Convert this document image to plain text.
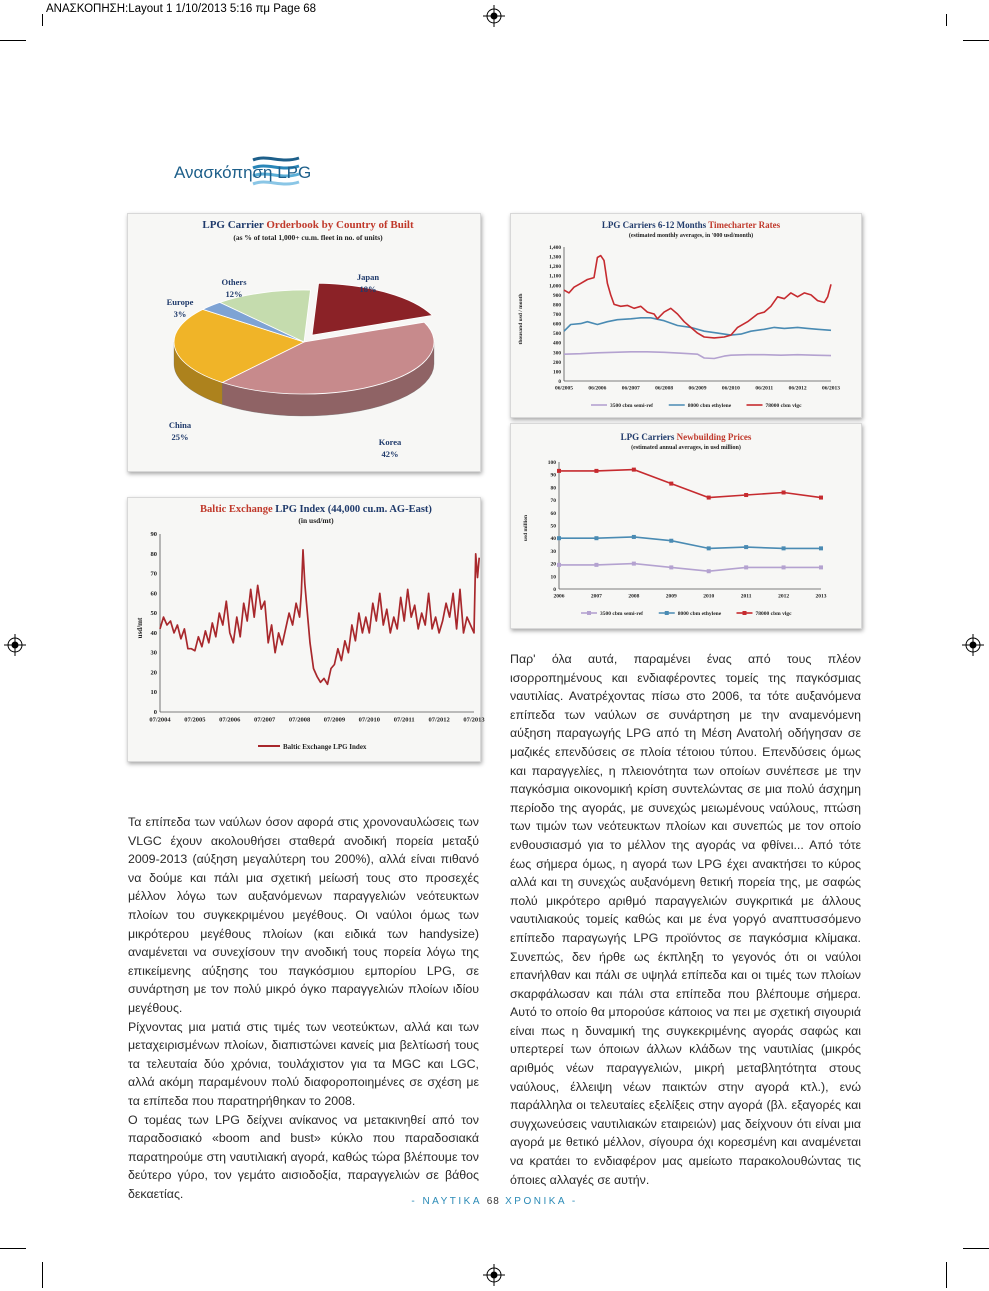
ΑΝΑΣΚΟΠΗΣΗ:Layout 1 1/10/2013 5:16 πμ Page 68
Ανασκόπηση LPG
LPG Carrier Orderbook by Country of Built
(as % of total 1,000+ cu.m. fleet in no. of units)
Japan
18%
Korea
42%
China
25%
Europe
3%
Others
12%
Baltic Exchange LPG Index (44,000 cu.m. AG-East)
(in usd/mt)
usd/mt
0
10
20
30
40
50
60
70
80
90
07/2004 07/2005 07/2006 07/2007 07/2008 07/2009 07/2010 07/2011 07/2012 07/2013
Baltic Exchange LPG Index
LPG Carriers 6-12 Months Timecharter Rates
(estimated monthly averages, in '000 usd/month)
thousand usd / month
0
100
200
300
400
500
600
700
800
900
1,000
1,100
1,200
1,300
1,400
06/2005	06/2006	06/2007	06/2008	06/2009	06/2010	06/2011	06/2012	06/2013
3500 cbm semi-ref	8000 cbm ethylene	78000 cbm vlgc
LPG Carriers Newbuilding Prices
(estimated annual averages, in usd million)
usd million
0
10
20
30
40
50
60
70
80
90
100
2006	2007	2008	2009	2010	2011	2012	2013
3500 cbm semi-ref	8000 cbm ethylene	78000 cbm vlgc

Τα επίπεδα των ναύλων όσον αφορά στις χρονοναυλώσεις των VLGC έχουν ακολουθήσει σταθερά ανοδική πορεία μεταξύ 2009-2013 (αύξηση μεγαλύτερη του 200%), αλλά είναι πιθανό να δούμε και πάλι μια σχετική μείωσή τους στο προσεχές μέλλον λόγω των αυξανόμενων παραγγελιών νεότευκτων πλοίων του συγκεκριμένου μεγέθους. Οι ναύλοι όμως των μικρότερου μεγέθους πλοίων (και ειδικά των handysize) αναμένεται να συνεχίσουν την ανοδική τους πορεία λόγω της επικείμενης αύξησης του παγκόσμιου εμπορίου LPG, σε συνάρτηση με τον πολύ μικρό όγκο παραγγελιών πλοίων ιδίου μεγέθους.

Ρίχνοντας μια ματιά στις τιμές των νεοτεύκτων, αλλά και των μεταχειρισμένων πλοίων, διαπιστώνει κανείς μια βελτίωσή τους τα τελευταία δύο χρόνια, τουλάχιστον για τα MGC και LGC, αλλά ακόμη παραμένουν πολύ διαφοροποιημένες σε σχέση με τα επίπεδα που παρατηρήθηκαν το 2008.

Ο τομέας των LPG δείχνει ανίκανος να μετακινηθεί από τον παραδοσιακό «boom and bust» κύκλο που παραδοσιακά παρατηρούμε στη ναυτιλιακή αγορά, καθώς τώρα βλέπουμε τον δεύτερο γύρο, τον γεμάτο αισιοδοξία, παραγγελιών σε βάθος δεκαετίας.

Παρ' όλα αυτά, παραμένει ένας από τους πλέον ισορροπημένους και ενδιαφέροντες τομείς της παγκόσμιας ναυτιλίας. Ανατρέχοντας πίσω στο 2006, τα τότε αυξανόμενα επίπεδα των ναύλων σε συνάρτηση με την αναμενόμενη αύξηση παραγωγής LPG από τη Μέση Ανατολή οδήγησαν σε μαζικές επενδύσεις σε πλοία τέτοιου τύπου. Επενδύσεις όμως και παραγγελίες, η πλειονότητα των οποίων συνέπεσε με την παγκόσμια οικονομική κρίση συντελώντας σε μια πολύ άσχημη περίοδο της αγοράς, με συνεχώς μειωμένους ναύλους, πτώση των τιμών των νεότευκτων πλοίων και συνεπώς με τον οποίο ενθουσιασμό για το μέλλον της αγοράς να φθίνει... Από τότε έως σήμερα όμως, η αγορά των LPG έχει ανακτήσει το κύρος αλλά και τη συνεχώς αυξανόμενη θετική πορεία της, με σαφώς πολύ μικρότερο αριθμό παραγγελιών συγκριτικά με άλλους ναυτιλιακούς τομείς καθώς και με ένα γοργό αναπτυσσόμενο επίπεδο παραγωγής LPG προϊόντος σε παγκόσμια κλίμακα. Συνεπώς, δεν ήρθε ως έκπληξη το γεγονός ότι οι ναύλοι επανήλθαν και πάλι σε υψηλά επίπεδα και οι τιμές των πλοίων σκαρφάλωσαν και πάλι στα επίπεδα που βλέπουμε σήμερα. Αυτό το οποίο θα μπορούσε κάποιος να πει με σχετική σιγουριά είναι πως η δυναμική της συγκεκριμένης αγοράς σαφώς και υπερτερεί των όποιων άλλων κλάδων της ναυτιλίας (μικρός αριθμός νέων παραγγελιών, μικρή μεταβλητότητα στους ναύλους, έλλειψη νέων παικτών στην αγορά κτλ.), ενώ παράλληλα οι τελευταίες εξελίξεις στην αγορά (βλ. εξαγορές και συγχωνεύσεις ναυτιλιακών εταιρειών) μας δείχνουν ότι είναι μια αγορά με θετικό μέλλον, σίγουρα όχι κορεσμένη και αναμένεται να κρατάει το ενδιαφέρον μας αμείωτο παρακολουθώντας τις όποιες αλλαγές σε αυτήν.

- ΝΑΥΤΙΚΑ 68 ΧΡΟΝΙΚΑ -
